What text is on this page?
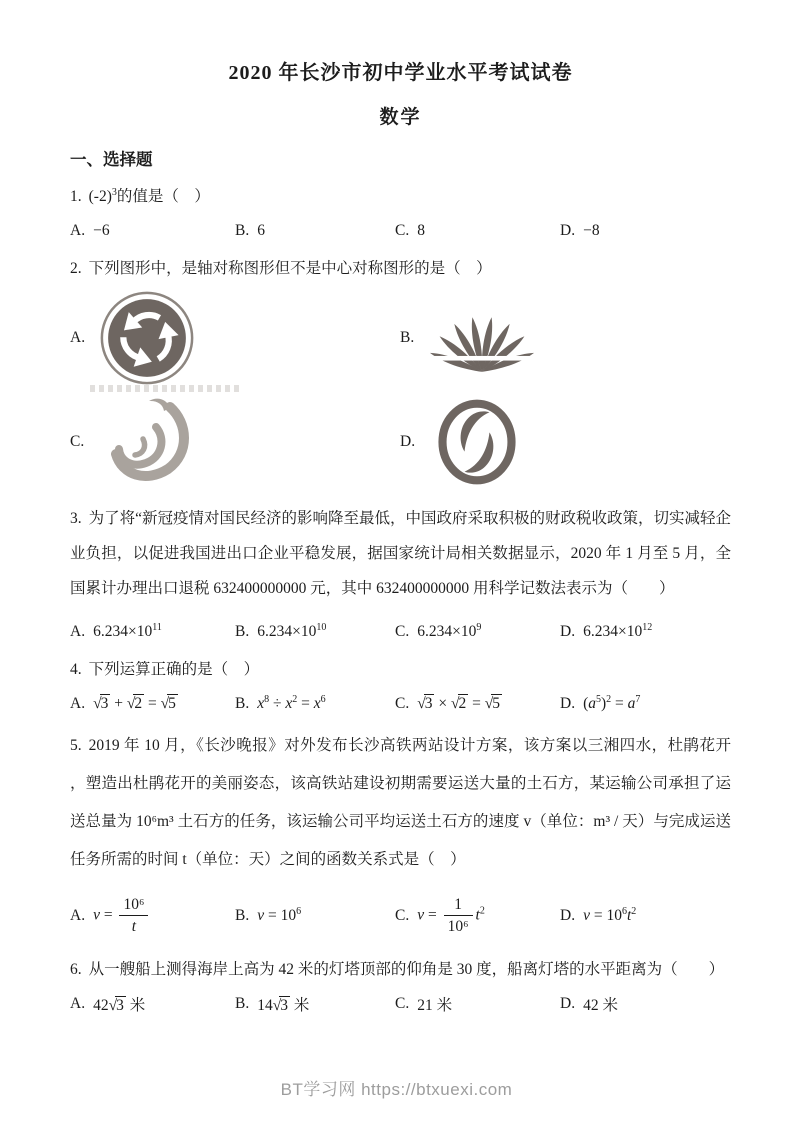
2020 年长沙市初中学业水平考试试卷
数学
一、选择题
1. $(-2)^3$的值是（　）
A. −6	B. 6	C. 8	D. −8
2. 下列图形中，是轴对称图形但不是中心对称图形的是（　）
A.	B.
C.	D.
3. 为了将“新冠疫情对国民经济的影响降至最低，中国政府采取积极的财政税收政策，切实减轻企业负担，以促进我国进出口企业平稳发展，据国家统计局相关数据显示，2020 年 1 月至 5 月，全国累计办理出口退税 632400000000 元，其中 632400000000 用科学记数法表示为（　　）
A. $6.234\times 10^{11}$	B. $6.234\times 10^{10}$	C. $6.234\times 10^9$	D. $6.234\times 10^{12}$
4. 下列运算正确的是（　）
A. √3 + √2 = √5	B. $x^8 \div x^2 = x^6$	C. √3 × √2 = √5	D. $(a^5)^2 = a^7$
5. 2019 年 10 月，《长沙晚报》对外发布长沙高铁两站设计方案，该方案以三湘四水，杜鹃花开 ，塑造出杜鹃花开的美丽姿态，该高铁站建设初期需要运送大量的土石方，某运输公司承担了运送总量为 10⁶m³ 土石方的任务，该运输公司平均运送土石方的速度 v（单位：m³ / 天）与完成运送任务所需的时间 t（单位：天）之间的函数关系式是（　）
A. $v = \frac{\text{10⁶}}{t}$	B. $v = 10^6$	C. $v = \frac{1}{\text{10⁶}} t^2$	D. $v = 10^6t^2$
6. 从一艘船上测得海岸上高为 42 米的灯塔顶部的仰角是 30 度，船离灯塔的水平距离为（　　）
A. 42√3 米	B. 14√3 米	C. 21 米	D. 42 米
BT学习网 https://btxuexi.com
